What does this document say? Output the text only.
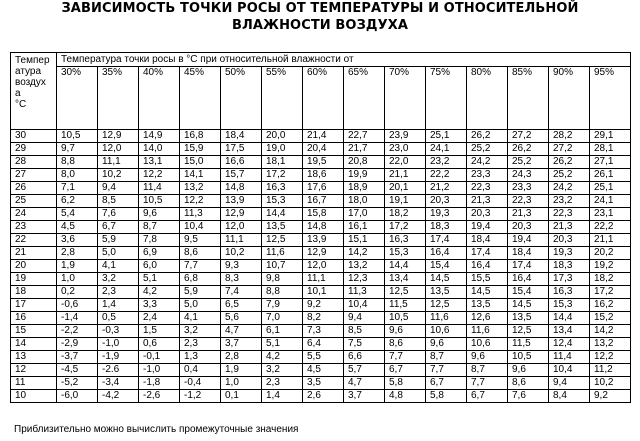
ЗАВИСИМОСТЬ ТОЧКИ РОСЫ ОТ ТЕМПЕРАТУРЫ И ОТНОСИТЕЛЬНОЙ
ВЛАЖНОСТИ ВОЗДУХА
Темпер
атура
воздух
а
°С	Температура точки росы в °С при относительной влажности от													
	30%	35%	40%	45%	50%	55%	60%	65%	70%	75%	80%	85%	90%	95%
30	10,5	12,9	14,9	16,8	18,4	20,0	21,4	22,7	23,9	25,1	26,2	27,2	28,2	29,1
29	9,7	12,0	14,0	15,9	17,5	19,0	20,4	21,7	23,0	24,1	25,2	26,2	27,2	28,1
28	8,8	11,1	13,1	15,0	16,6	18,1	19,5	20,8	22,0	23,2	24,2	25,2	26,2	27,1
27	8,0	10,2	12,2	14,1	15,7	17,2	18,6	19,9	21,1	22,2	23,3	24,3	25,2	26,1
26	7,1	9,4	11,4	13,2	14,8	16,3	17,6	18,9	20,1	21,2	22,3	23,3	24,2	25,1
25	6,2	8,5	10,5	12,2	13,9	15,3	16,7	18,0	19,1	20,3	21,3	22,3	23,2	24,1
24	5,4	7,6	9,6	11,3	12,9	14,4	15,8	17,0	18,2	19,3	20,3	21,3	22,3	23,1
23	4,5	6,7	8,7	10,4	12,0	13,5	14,8	16,1	17,2	18,3	19,4	20,3	21,3	22,2
22	3,6	5,9	7,8	9,5	11,1	12,5	13,9	15,1	16,3	17,4	18,4	19,4	20,3	21,1
21	2,8	5,0	6,9	8,6	10,2	11,6	12,9	14,2	15,3	16,4	17,4	18,4	19,3	20,2
20	1,9	4,1	6,0	7,7	9,3	10,7	12,0	13,2	14,4	15,4	16,4	17,4	18,3	19,2
19	1,0	3,2	5,1	6,8	8,3	9,8	11,1	12,3	13,4	14,5	15,5	16,4	17,3	18,2
18	0,2	2,3	4,2	5,9	7,4	8,8	10,1	11,3	12,5	13,5	14,5	15,4	16,3	17,2
17	-0,6	1,4	3,3	5,0	6,5	7,9	9,2	10,4	11,5	12,5	13,5	14,5	15,3	16,2
16	-1,4	0,5	2,4	4,1	5,6	7,0	8,2	9,4	10,5	11,6	12,6	13,5	14,4	15,2
15	-2,2	-0,3	1,5	3,2	4,7	6,1	7,3	8,5	9,6	10,6	11,6	12,5	13,4	14,2
14	-2,9	-1,0	0,6	2,3	3,7	5,1	6,4	7,5	8,6	9,6	10,6	11,5	12,4	13,2
13	-3,7	-1,9	-0,1	1,3	2,8	4,2	5,5	6,6	7,7	8,7	9,6	10,5	11,4	12,2
12	-4,5	-2.6	-1,0	0,4	1,9	3,2	4,5	5,7	6,7	7,7	8,7	9,6	10,4	11,2
11	-5,2	-3,4	-1,8	-0,4	1,0	2,3	3,5	4,7	5,8	6,7	7,7	8,6	9,4	10,2
10	-6,0	-4,2	-2,6	-1,2	0,1	1,4	2,6	3,7	4,8	5,8	6,7	7,6	8,4	9,2
Приблизительно можно вычислить промежуточные значения
